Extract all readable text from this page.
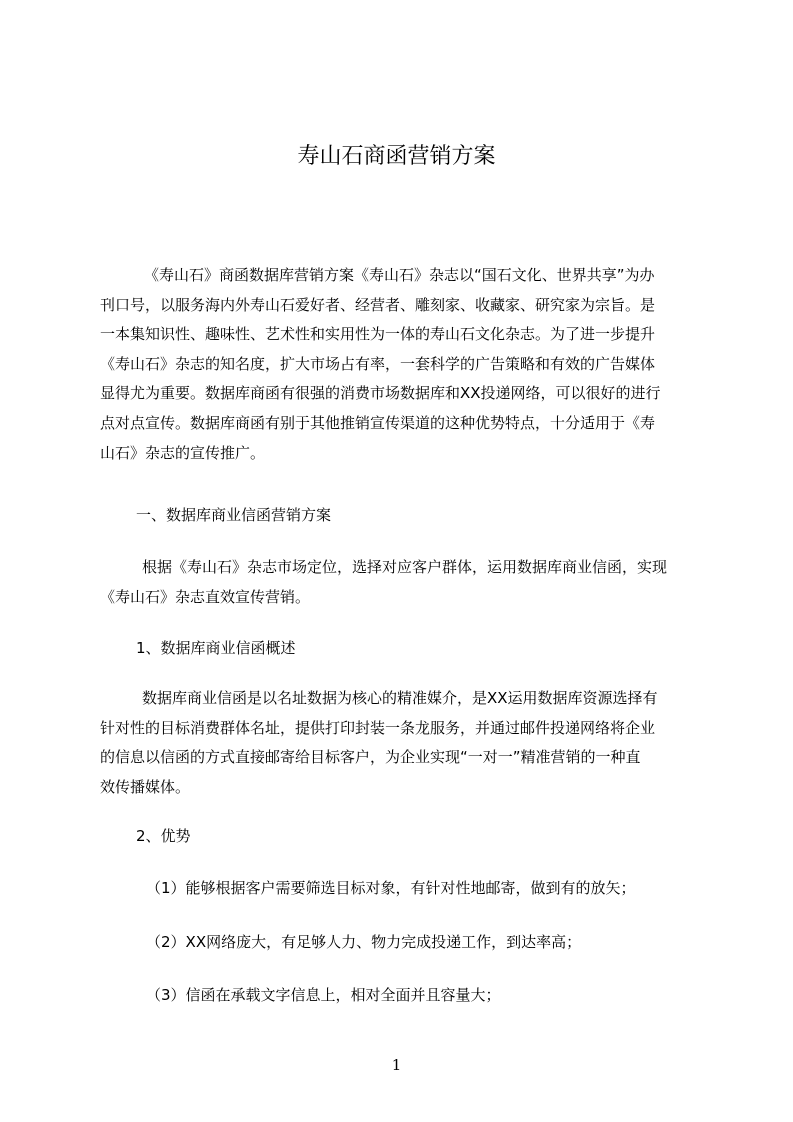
寿山石商函营销方案
《寿山石》商函数据库营销方案《寿山石》杂志以“国石文化、世界共享”为办
刊口号，以服务海内外寿山石爱好者、经营者、雕刻家、收藏家、研究家为宗旨。是
一本集知识性、趣味性、艺术性和实用性为一体的寿山石文化杂志。为了进一步提升
《寿山石》杂志的知名度，扩大市场占有率，一套科学的广告策略和有效的广告媒体
显得尤为重要。数据库商函有很强的消费市场数据库和XX投递网络，可以很好的进行
点对点宣传。数据库商函有别于其他推销宣传渠道的这种优势特点，十分适用于《寿
山石》杂志的宣传推广。
一、数据库商业信函营销方案
根据《寿山石》杂志市场定位，选择对应客户群体，运用数据库商业信函，实现
《寿山石》杂志直效宣传营销。
1、数据库商业信函概述
数据库商业信函是以名址数据为核心的精准媒介，是XX运用数据库资源选择有
针对性的目标消费群体名址，提供打印封装一条龙服务，并通过邮件投递网络将企业
的信息以信函的方式直接邮寄给目标客户，为企业实现“一对一”精准营销的一种直
效传播媒体。
2、优势
（1）能够根据客户需要筛选目标对象，有针对性地邮寄，做到有的放矢；
（2）XX网络庞大，有足够人力、物力完成投递工作，到达率高；
（3）信函在承载文字信息上，相对全面并且容量大；
1
